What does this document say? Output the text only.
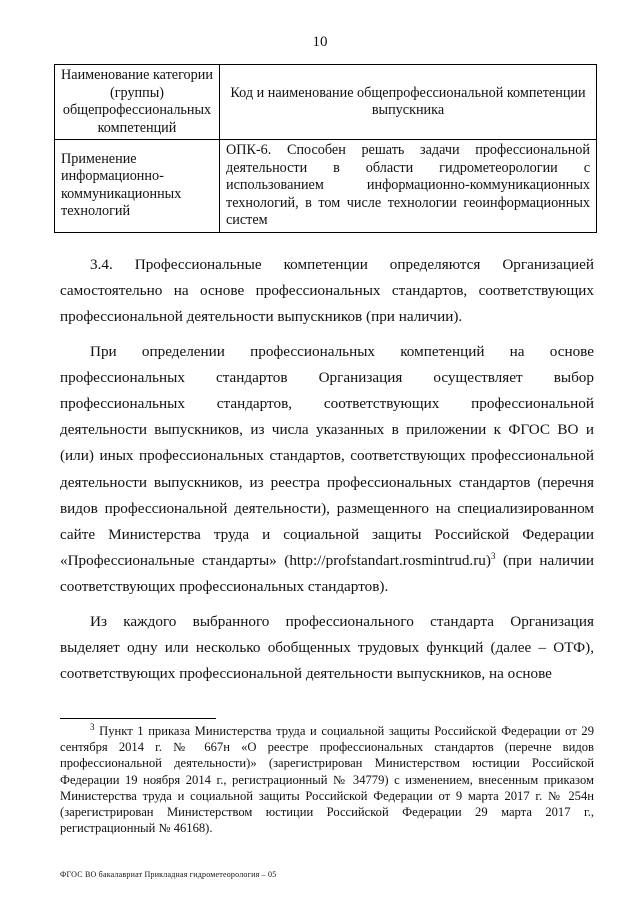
10
Наименование категории (группы) общепрофессиональных компетенций	Код и наименование общепрофессиональной компетенции выпускника
Применение информационно-коммуникационных технологий	ОПК-6. Способен решать задачи профессиональной деятельности в области гидрометеорологии с использованием информационно-коммуникационных технологий, в том числе технологии геоинформационных систем

3.4. Профессиональные компетенции определяются Организацией самостоятельно на основе профессиональных стандартов, соответствующих профессиональной деятельности выпускников (при наличии).

При определении профессиональных компетенций на основе профессиональных стандартов Организация осуществляет выбор профессиональных стандартов, соответствующих профессиональной деятельности выпускников, из числа указанных в приложении к ФГОС ВО и (или) иных профессиональных стандартов, соответствующих профессиональной деятельности выпускников, из реестра профессиональных стандартов (перечня видов профессиональной деятельности), размещенного на специализированном сайте Министерства труда и социальной защиты Российской Федерации «Профессиональные стандарты» (http://profstandart.rosmintrud.ru)$^3$ (при наличии соответствующих профессиональных стандартов).

Из каждого выбранного профессионального стандарта Организация выделяет одну или несколько обобщенных трудовых функций (далее – ОТФ), соответствующих профессиональной деятельности выпускников, на основе

$^3$ Пункт 1 приказа Министерства труда и социальной защиты Российской Федерации от 29 сентября 2014 г. № 667н «О реестре профессиональных стандартов (перечне видов профессиональной деятельности)» (зарегистрирован Министерством юстиции Российской Федерации 19 ноября 2014 г., регистрационный № 34779) с изменением, внесенным приказом Министерства труда и социальной защиты Российской Федерации от 9 марта 2017 г. № 254н (зарегистрирован Министерством юстиции Российской Федерации 29 марта 2017 г., регистрационный № 46168).

ФГОС ВО бакалавриат Прикладная гидрометеорология – 05
